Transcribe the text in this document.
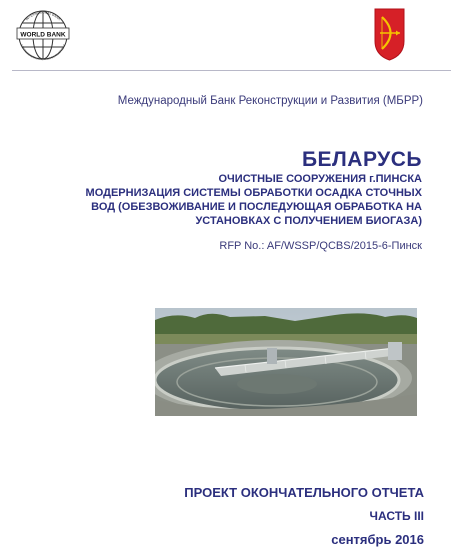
WORLD BANK
INTERNATIONAL BANK
FOR RECONSTRUCTION AND DEVELOPMENT
Международный Банк Реконструкции и Развития (МБРР)
БЕЛАРУСЬ
ОЧИСТНЫЕ СООРУЖЕНИЯ г.ПИНСКА
МОДЕРНИЗАЦИЯ СИСТЕМЫ ОБРАБОТКИ ОСАДКА СТОЧНЫХ
ВОД (ОБЕЗВОЖИВАНИЕ И ПОСЛЕДУЮЩАЯ ОБРАБОТКА НА
УСТАНОВКАХ С ПОЛУЧЕНИЕМ БИОГАЗА)
RFP No.: AF/WSSP/QCBS/2015-6-Пинск
ПРОЕКТ ОКОНЧАТЕЛЬНОГО ОТЧЕТА
ЧАСТЬ III
сентябрь 2016
